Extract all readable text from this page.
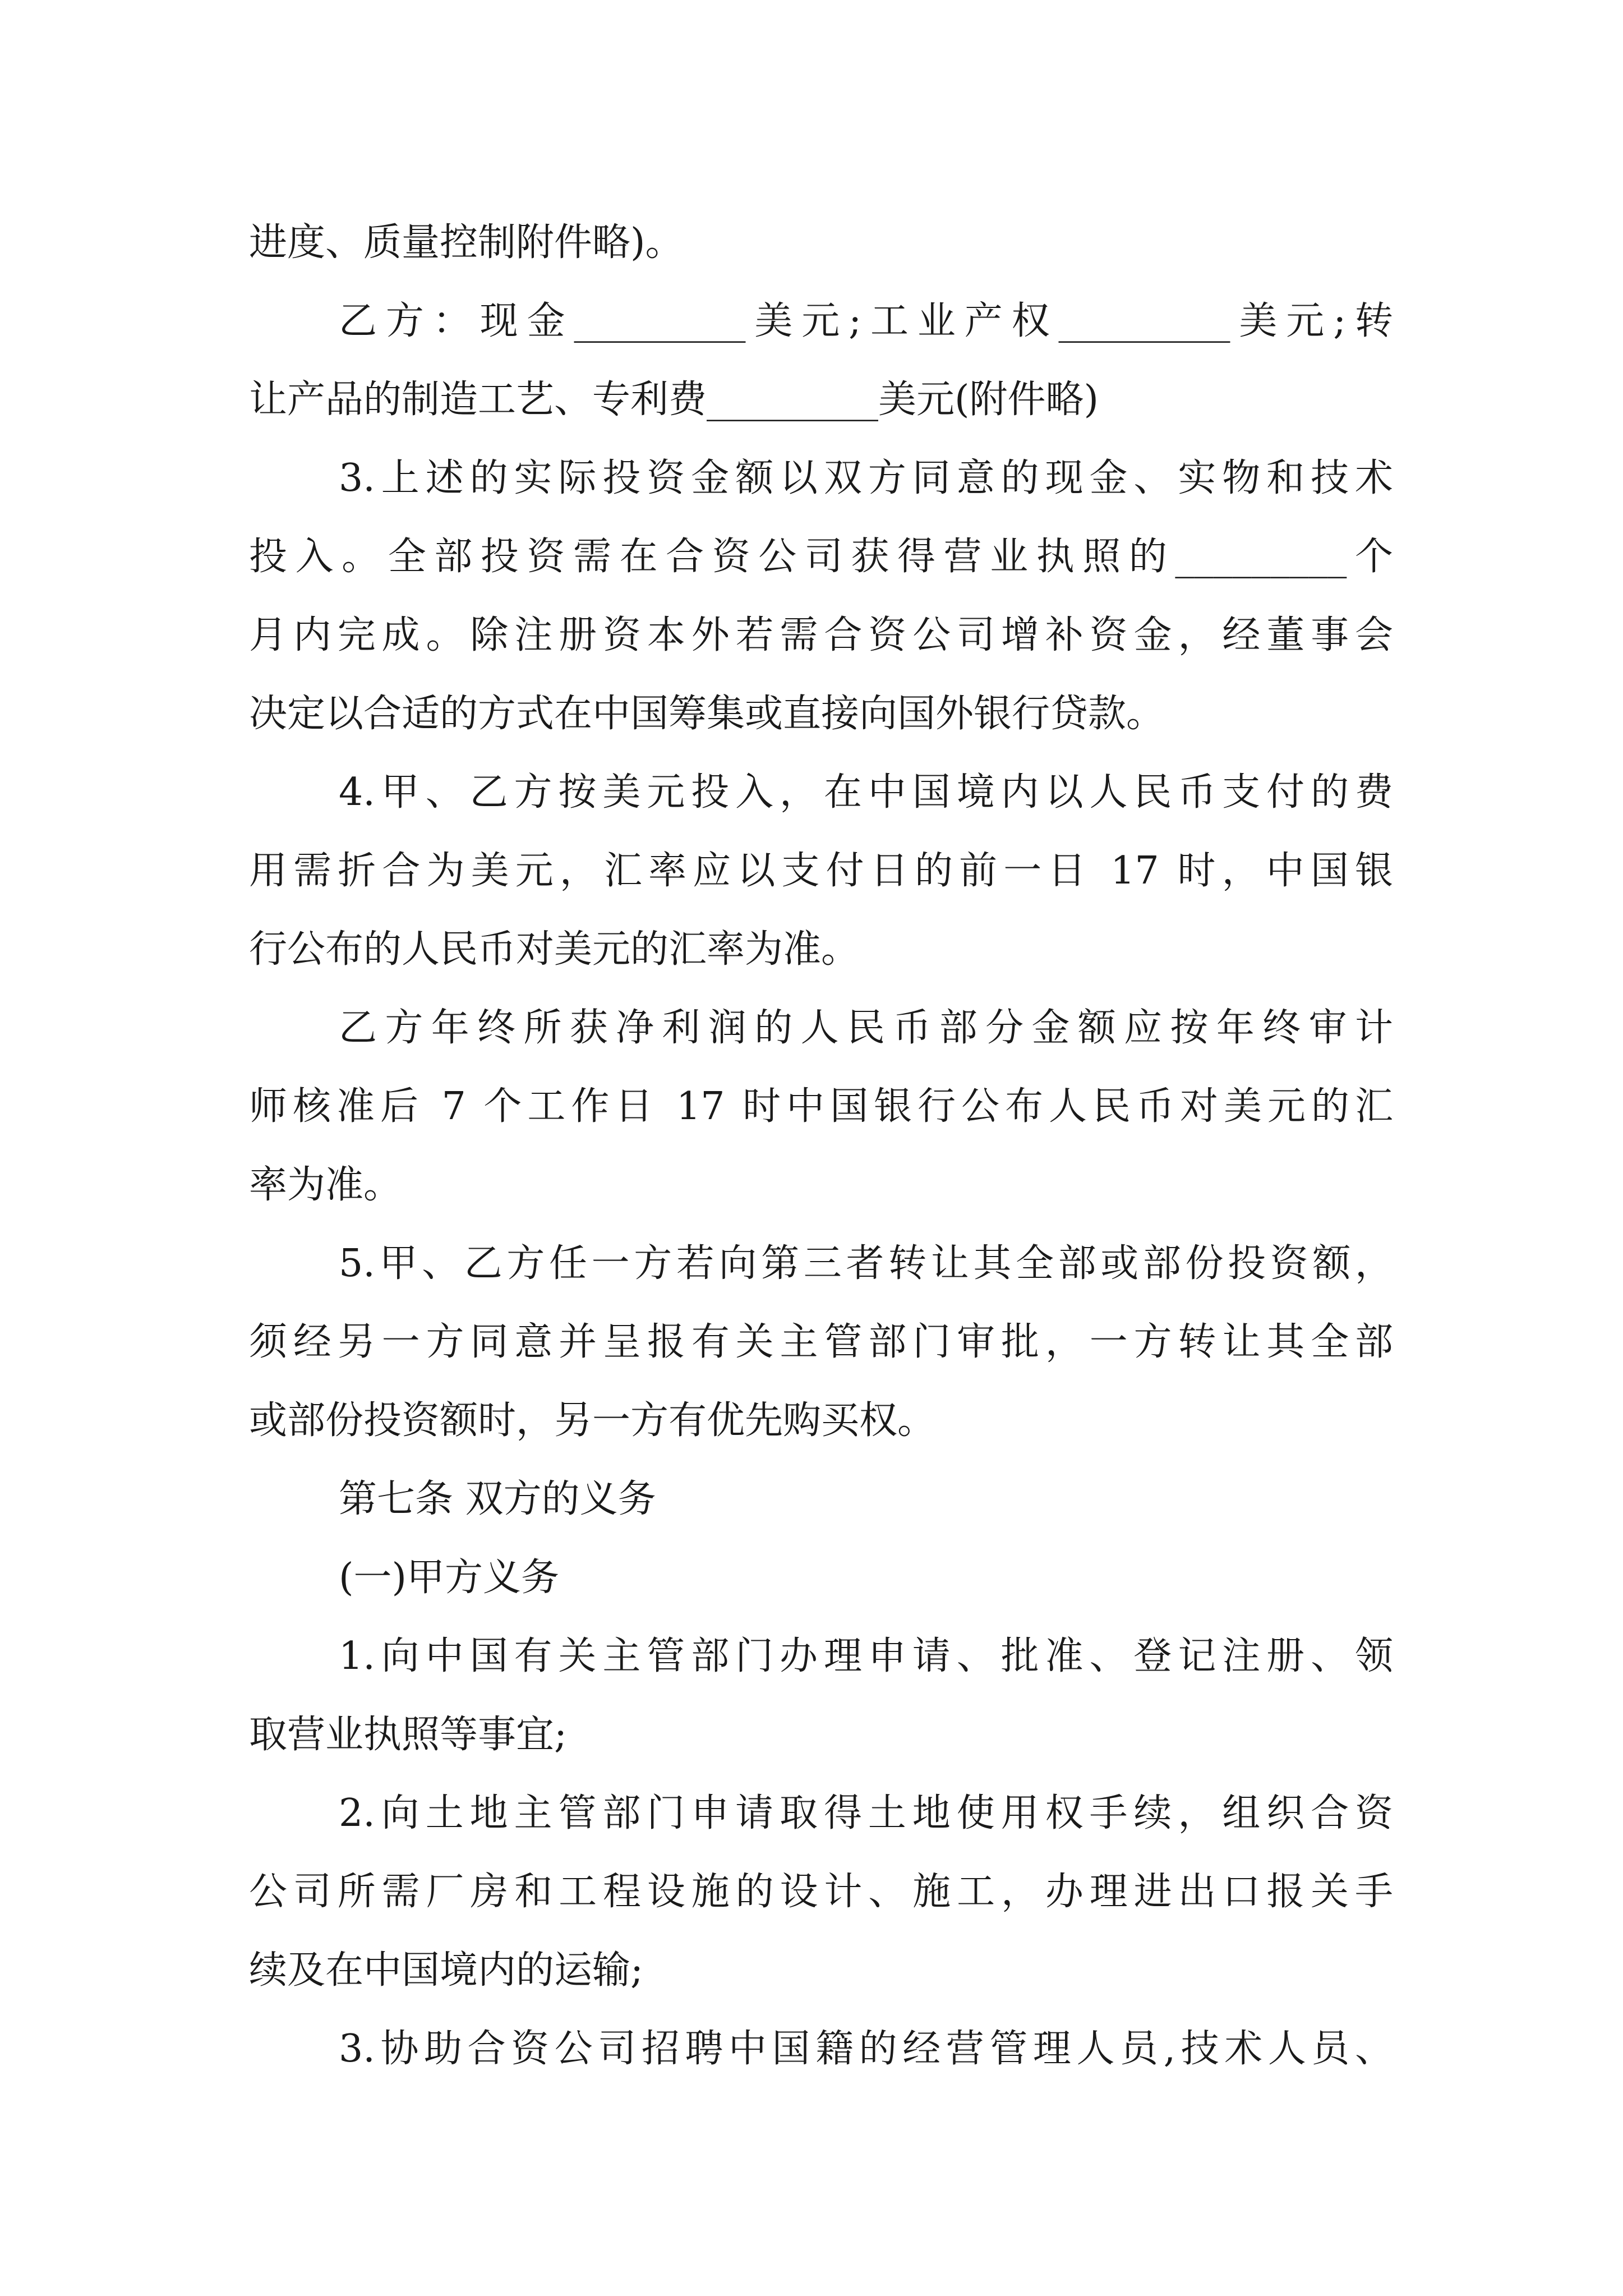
进度、质量控制附件略)。
乙方：现金_________美元;工业产权_________美元;转
让产品的制造工艺、专利费_________美元(附件略)
3.上述的实际投资金额以双方同意的现金、实物和技术
投入。全部投资需在合资公司获得营业执照的_________个
月内完成。除注册资本外若需合资公司增补资金，经董事会
决定以合适的方式在中国筹集或直接向国外银行贷款。
4.甲、乙方按美元投入，在中国境内以人民币支付的费
用需折合为美元，汇率应以支付日的前一日 17 时，中国银
行公布的人民币对美元的汇率为准。
乙方年终所获净利润的人民币部分金额应按年终审计
师核准后 7 个工作日 17 时中国银行公布人民币对美元的汇
率为准。
5.甲、乙方任一方若向第三者转让其全部或部份投资额，
须经另一方同意并呈报有关主管部门审批，一方转让其全部
或部份投资额时，另一方有优先购买权。
第七条 双方的义务
(一)甲方义务
1.向中国有关主管部门办理申请、批准、登记注册、领
取营业执照等事宜;
2.向土地主管部门申请取得土地使用权手续，组织合资
公司所需厂房和工程设施的设计、施工，办理进出口报关手
续及在中国境内的运输;
3.协助合资公司招聘中国籍的经营管理人员,技术人员、
